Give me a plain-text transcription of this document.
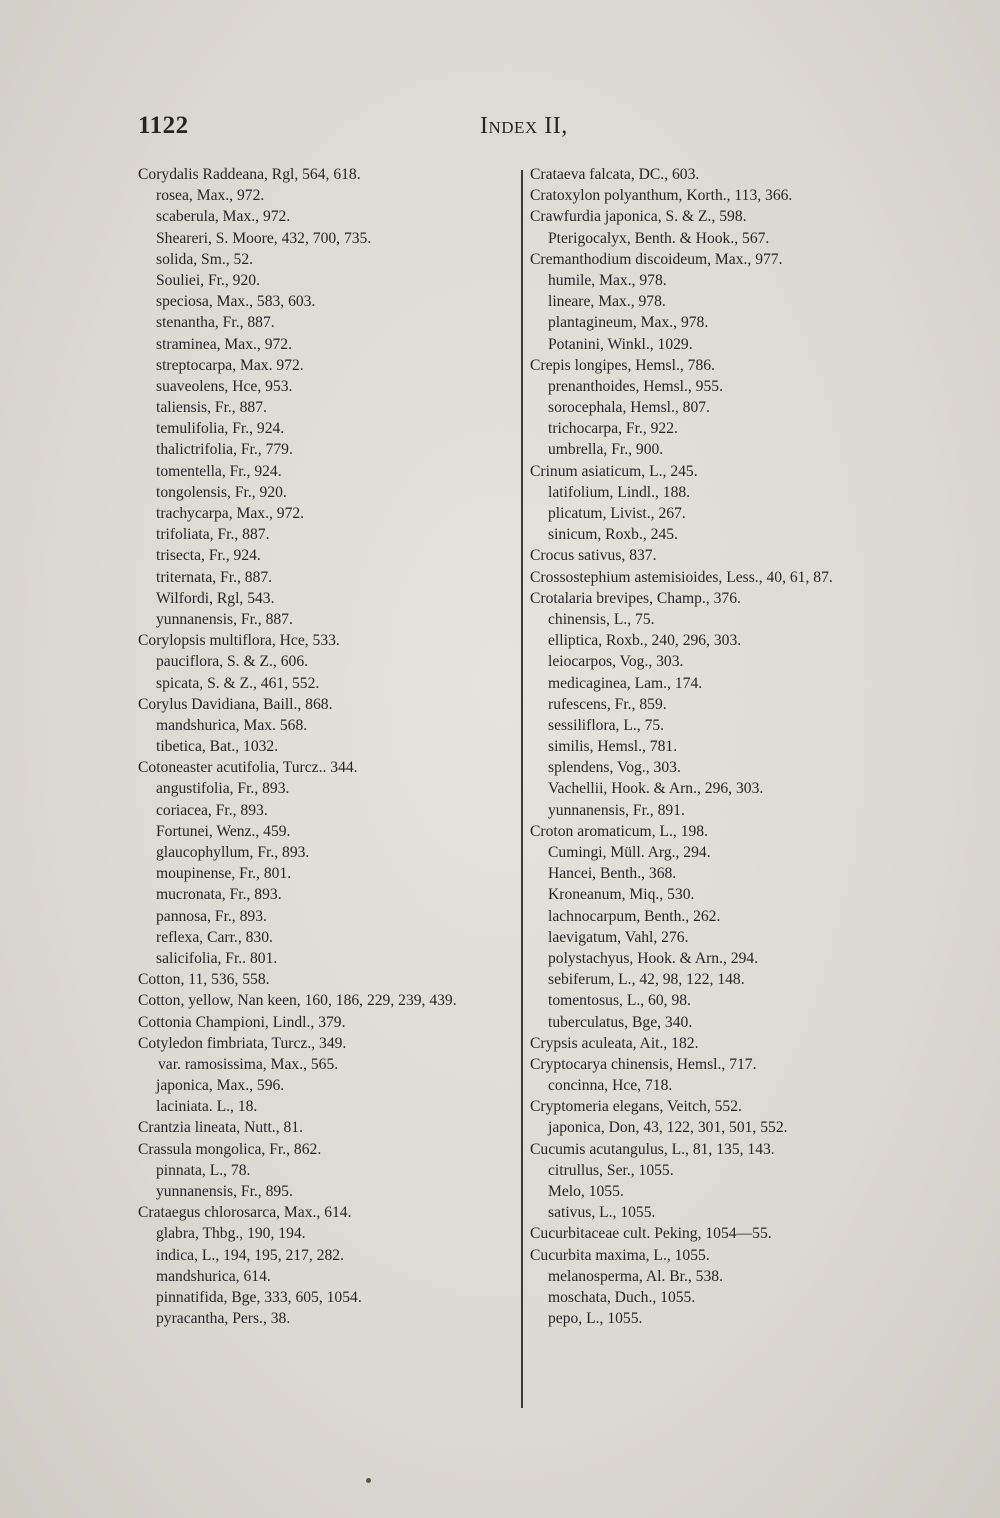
1122	Index II,
Corydalis Raddeana, Rgl, 564, 618.
rosea, Max., 972.
scaberula, Max., 972.
Sheareri, S. Moore, 432, 700, 735.
solida, Sm., 52.
Souliei, Fr., 920.
speciosa, Max., 583, 603.
stenantha, Fr., 887.
straminea, Max., 972.
streptocarpa, Max. 972.
suaveolens, Hce, 953.
taliensis, Fr., 887.
temulifolia, Fr., 924.
thalictrifolia, Fr., 779.
tomentella, Fr., 924.
tongolensis, Fr., 920.
trachycarpa, Max., 972.
trifoliata, Fr., 887.
trisecta, Fr., 924.
triternata, Fr., 887.
Wilfordi, Rgl, 543.
yunnanensis, Fr., 887.
Corylopsis multiflora, Hce, 533.
pauciflora, S. & Z., 606.
spicata, S. & Z., 461, 552.
Corylus Davidiana, Baill., 868.
mandshurica, Max. 568.
tibetica, Bat., 1032.
Cotoneaster acutifolia, Turcz.. 344.
angustifolia, Fr., 893.
coriacea, Fr., 893.
Fortunei, Wenz., 459.
glaucophyllum, Fr., 893.
moupinense, Fr., 801.
mucronata, Fr., 893.
pannosa, Fr., 893.
reflexa, Carr., 830.
salicifolia, Fr.. 801.
Cotton, 11, 536, 558.
Cotton, yellow, Nan keen, 160, 186, 229, 239, 439.
Cottonia Championi, Lindl., 379.
Cotyledon fimbriata, Turcz., 349.
var. ramosissima, Max., 565.
japonica, Max., 596.
laciniata. L., 18.
Crantzia lineata, Nutt., 81.
Crassula mongolica, Fr., 862.
pinnata, L., 78.
yunnanensis, Fr., 895.
Crataegus chlorosarca, Max., 614.
glabra, Thbg., 190, 194.
indica, L., 194, 195, 217, 282.
mandshurica, 614.
pinnatifida, Bge, 333, 605, 1054.
pyracantha, Pers., 38.
Crataeva falcata, DC., 603.
Cratoxylon polyanthum, Korth., 113, 366.
Crawfurdia japonica, S. & Z., 598.
Pterigocalyx, Benth. & Hook., 567.
Cremanthodium discoideum, Max., 977.
humile, Max., 978.
lineare, Max., 978.
plantagineum, Max., 978.
Potanini, Winkl., 1029.
Crepis longipes, Hemsl., 786.
prenanthoides, Hemsl., 955.
sorocephala, Hemsl., 807.
trichocarpa, Fr., 922.
umbrella, Fr., 900.
Crinum asiaticum, L., 245.
latifolium, Lindl., 188.
plicatum, Livist., 267.
sinicum, Roxb., 245.
Crocus sativus, 837.
Crossostephium astemisioides, Less., 40, 61, 87.
Crotalaria brevipes, Champ., 376.
chinensis, L., 75.
elliptica, Roxb., 240, 296, 303.
leiocarpos, Vog., 303.
medicaginea, Lam., 174.
rufescens, Fr., 859.
sessiliflora, L., 75.
similis, Hemsl., 781.
splendens, Vog., 303.
Vachellii, Hook. & Arn., 296, 303.
yunnanensis, Fr., 891.
Croton aromaticum, L., 198.
Cumingi, Müll. Arg., 294.
Hancei, Benth., 368.
Kroneanum, Miq., 530.
lachnocarpum, Benth., 262.
laevigatum, Vahl, 276.
polystachyus, Hook. & Arn., 294.
sebiferum, L., 42, 98, 122, 148.
tomentosus, L., 60, 98.
tuberculatus, Bge, 340.
Crypsis aculeata, Ait., 182.
Cryptocarya chinensis, Hemsl., 717.
concinna, Hce, 718.
Cryptomeria elegans, Veitch, 552.
japonica, Don, 43, 122, 301, 501, 552.
Cucumis acutangulus, L., 81, 135, 143.
citrullus, Ser., 1055.
Melo, 1055.
sativus, L., 1055.
Cucurbitaceae cult. Peking, 1054—55.
Cucurbita maxima, L., 1055.
melanosperma, Al. Br., 538.
moschata, Duch., 1055.
pepo, L., 1055.
